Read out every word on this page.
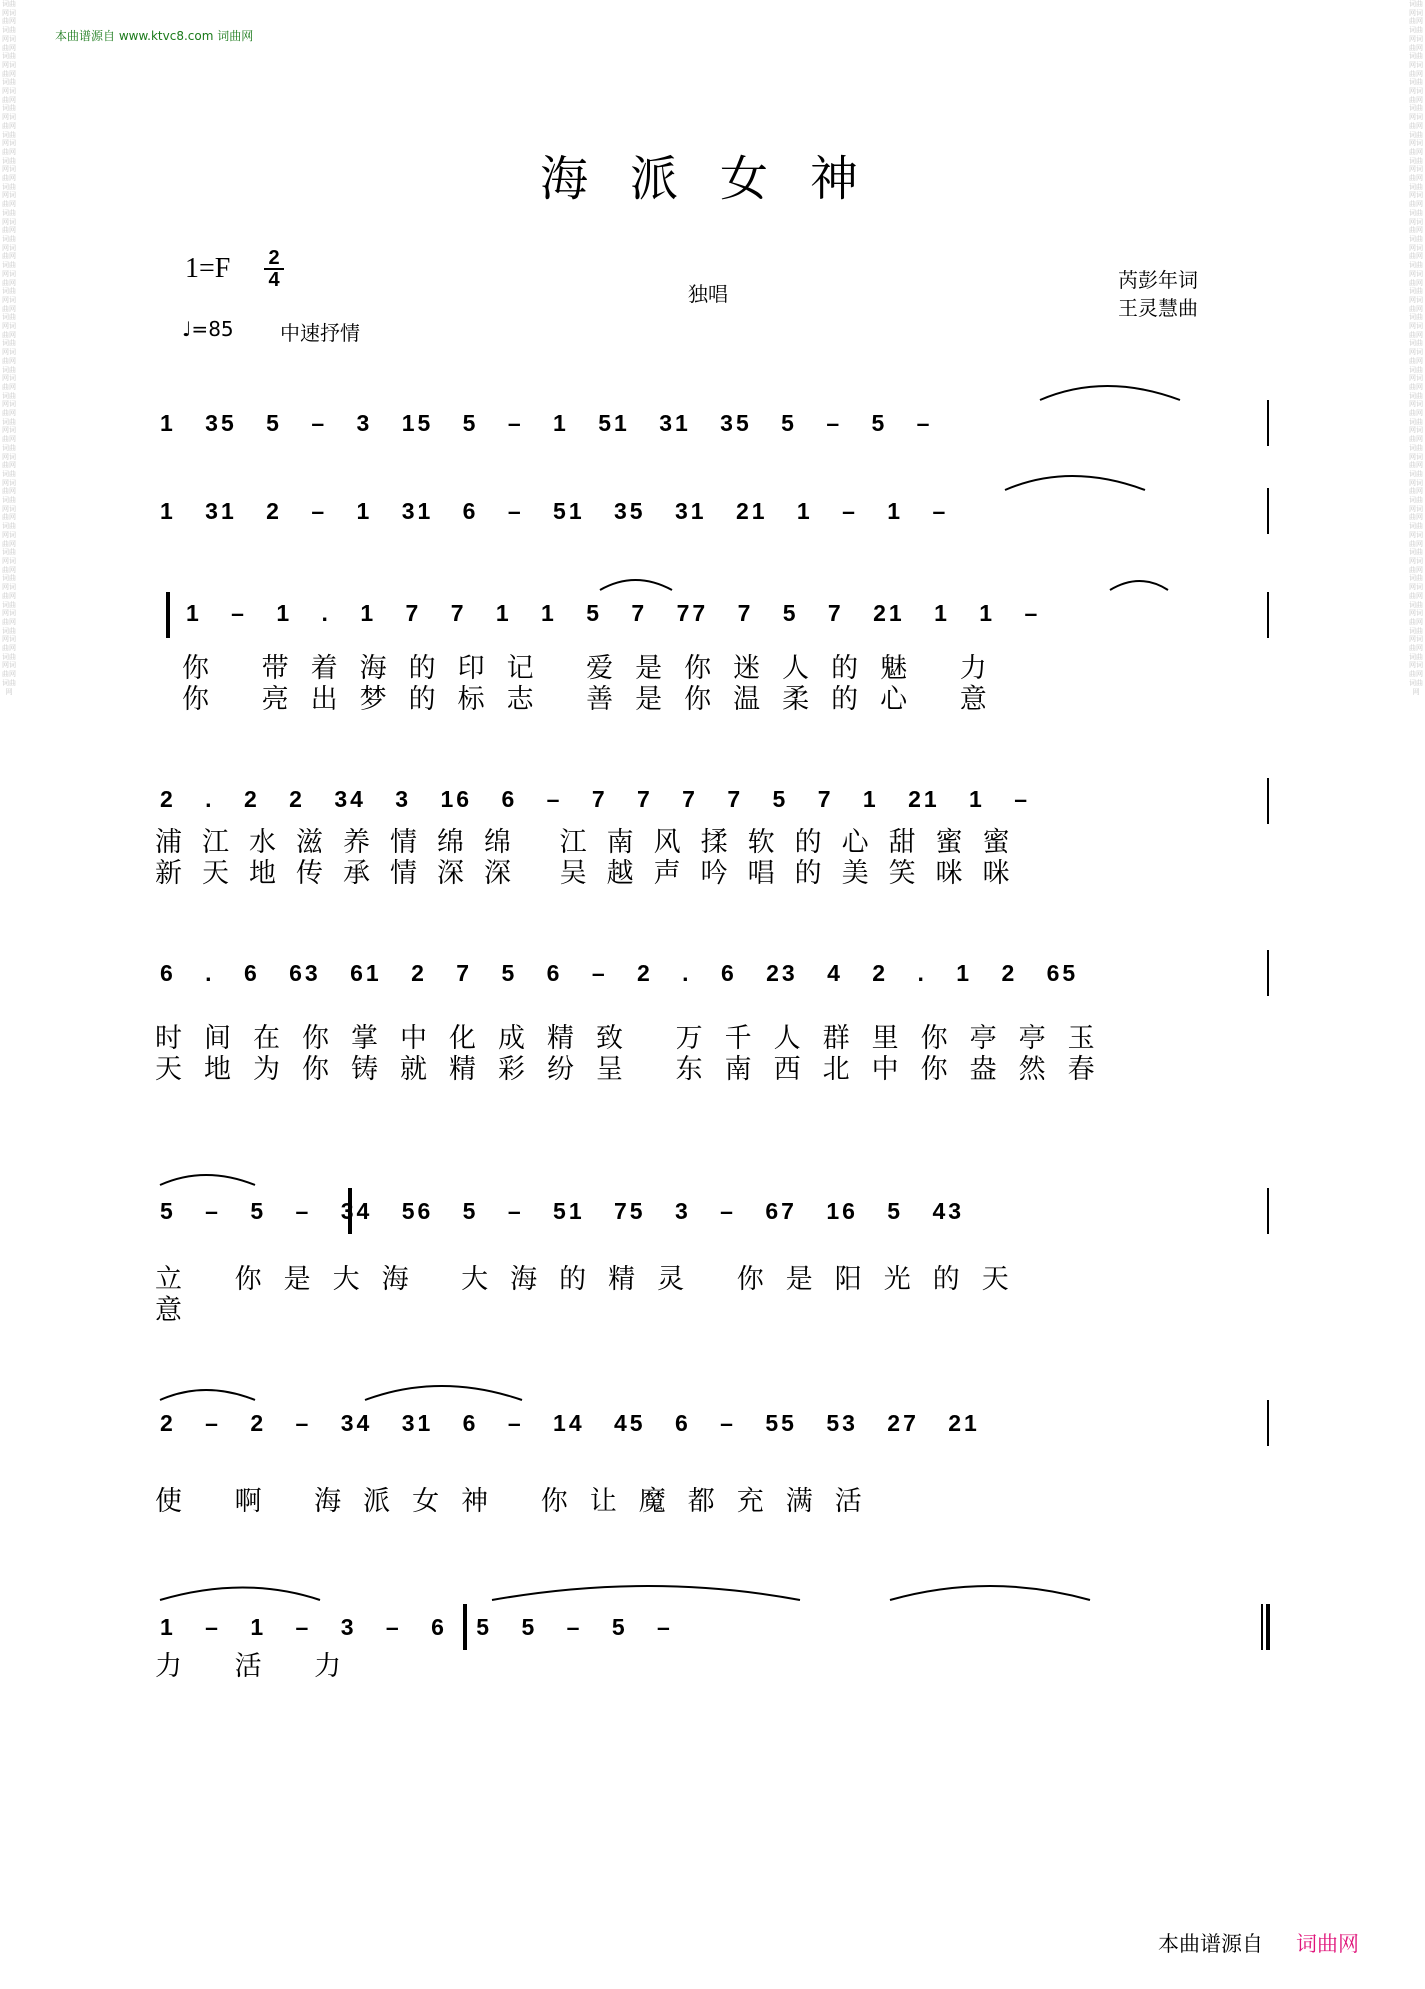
词曲网词曲网词曲网词曲网词曲网词曲网词曲网词曲网词曲网词曲网词曲网词曲网词曲网词曲网词曲网词曲网词曲网词曲网词曲网词曲网词曲网词曲网词曲网词曲网词曲网词曲网词曲网词曲网词曲网词曲网词曲网词曲网词曲网词曲网词曲网词曲网词曲网词曲网词曲网词曲网词曲网词曲网词曲网词曲网词曲网词曲网词曲网词曲网词曲网词曲网词曲网词曲网词曲网
词曲网词曲网词曲网词曲网词曲网词曲网词曲网词曲网词曲网词曲网词曲网词曲网词曲网词曲网词曲网词曲网词曲网词曲网词曲网词曲网词曲网词曲网词曲网词曲网词曲网词曲网词曲网词曲网词曲网词曲网词曲网词曲网词曲网词曲网词曲网词曲网词曲网词曲网词曲网词曲网词曲网词曲网词曲网词曲网词曲网词曲网词曲网词曲网词曲网词曲网词曲网词曲网词曲网
本曲谱源自 www.ktvc8.com 词曲网
海派女神
1=F 2
4
♩=85 中速抒情
独唱
芮彭年词
王灵慧曲
1 35 5 – 3 15 5 – 1 51 31 35 5 – 5 –
1 31 2 – 1 31 6 – 51 35 31 21 1 – 1 –
1 – 1 . 1 7 7 1 1 5 7 77 7 5 7 21 1 1 –
你 带着海的印记 爱是你迷人的魅 力
你 亮出梦的标志 善是你温柔的心 意
2 . 2 2 34 3 16 6 – 7 7 7 7 5 7 1 21 1 –
浦江水滋养情绵绵 江南风揉软的心甜蜜蜜
新天地传承情深深 吴越声吟唱的美笑咪咪
6 . 6 63 61 2 7 5 6 – 2 . 6 23 4 2 . 1 2 65
时间在你掌中化成精致 万千人群里你亭亭玉
天地为你铸就精彩纷呈 东南西北中你盎然春
5 – 5 – 34 56 5 – 51 75 3 – 67 16 5 43
立 你是大海 大海的精灵 你是阳光的天
意
2 – 2 – 34 31 6 – 14 45 6 – 55 53 27 21
使 啊 海派女神 你让魔都充满活
1 – 1 – 3 – 6 5 5 – 5 –
力 活 力
本曲谱源自 词曲网
